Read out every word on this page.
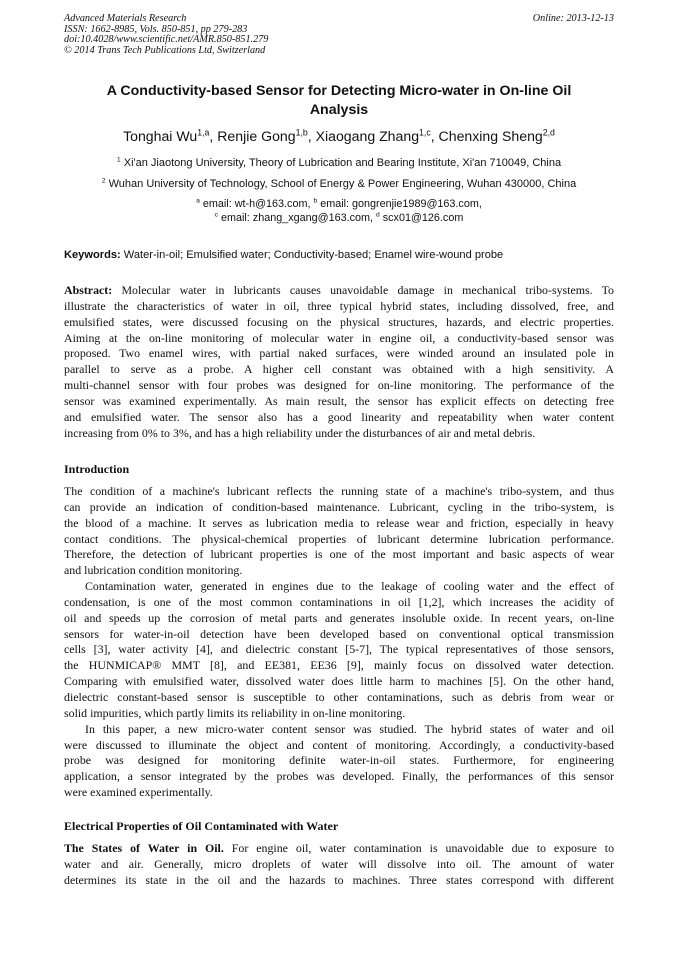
Advanced Materials Research
ISSN: 1662-8985, Vols. 850-851, pp 279-283
doi:10.4028/www.scientific.net/AMR.850-851.279
© 2014 Trans Tech Publications Ltd, Switzerland
Online: 2013-12-13
A Conductivity-based Sensor for Detecting Micro-water in On-line Oil
Analysis
Tonghai Wu$^{1,a}$, Renjie Gong$^{1,b}$, Xiaogang Zhang$^{1,c}$, Chenxing Sheng$^{2,d}$
$^1$ Xi'an Jiaotong University, Theory of Lubrication and Bearing Institute, Xi'an 710049, China
$^2$ Wuhan University of Technology, School of Energy & Power Engineering, Wuhan 430000, China
$^a$ email: wt-h@163.com, $^b$ email: gongrenjie1989@163.com,
$^c$ email: zhang_xgang@163.com, $^d$ scx01@126.com
Keywords: Water-in-oil; Emulsified water; Conductivity-based; Enamel wire-wound probe
Abstract: Molecular water in lubricants causes unavoidable damage in mechanical tribo-systems. To
illustrate the characteristics of water in oil, three typical hybrid states, including dissolved, free, and
emulsified states, were discussed focusing on the physical structures, hazards, and electric properties.
Aiming at the on-line monitoring of molecular water in engine oil, a conductivity-based sensor was
proposed. Two enamel wires, with partial naked surfaces, were winded around an insulated pole in
parallel to serve as a probe. A higher cell constant was obtained with a high sensitivity. A
multi-channel sensor with four probes was designed for on-line monitoring. The performance of the
sensor was examined experimentally. As main result, the sensor has explicit effects on detecting free
and emulsified water. The sensor also has a good linearity and repeatability when water content
increasing from 0% to 3%, and has a high reliability under the disturbances of air and metal debris.
Introduction
The condition of a machine's lubricant reflects the running state of a machine's tribo-system, and thus
can provide an indication of condition-based maintenance. Lubricant, cycling in the tribo-system, is
the blood of a machine. It serves as lubrication media to release wear and friction, especially in heavy
contact conditions. The physical-chemical properties of lubricant determine lubrication performance.
Therefore, the detection of lubricant properties is one of the most important and basic aspects of wear
and lubrication condition monitoring.
Contamination water, generated in engines due to the leakage of cooling water and the effect of
condensation, is one of the most common contaminations in oil [1,2], which increases the acidity of
oil and speeds up the corrosion of metal parts and generates insoluble oxide. In recent years, on-line
sensors for water-in-oil detection have been developed based on conventional optical transmission
cells [3], water activity [4], and dielectric constant [5-7], The typical representatives of those sensors,
the HUNMICAP® MMT [8], and EE381, EE36 [9], mainly focus on dissolved water detection.
Comparing with emulsified water, dissolved water does little harm to machines [5]. On the other hand,
dielectric constant-based sensor is susceptible to other contaminations, such as debris from wear or
solid impurities, which partly limits its reliability in on-line monitoring.
In this paper, a new micro-water content sensor was studied. The hybrid states of water and oil
were discussed to illuminate the object and content of monitoring. Accordingly, a conductivity-based
probe was designed for monitoring definite water-in-oil states. Furthermore, for engineering
application, a sensor integrated by the probes was developed. Finally, the performances of this sensor
were examined experimentally.
Electrical Properties of Oil Contaminated with Water
The States of Water in Oil. For engine oil, water contamination is unavoidable due to exposure to
water and air. Generally, micro droplets of water will dissolve into oil. The amount of water
determines its state in the oil and the hazards to machines. Three states correspond with different
